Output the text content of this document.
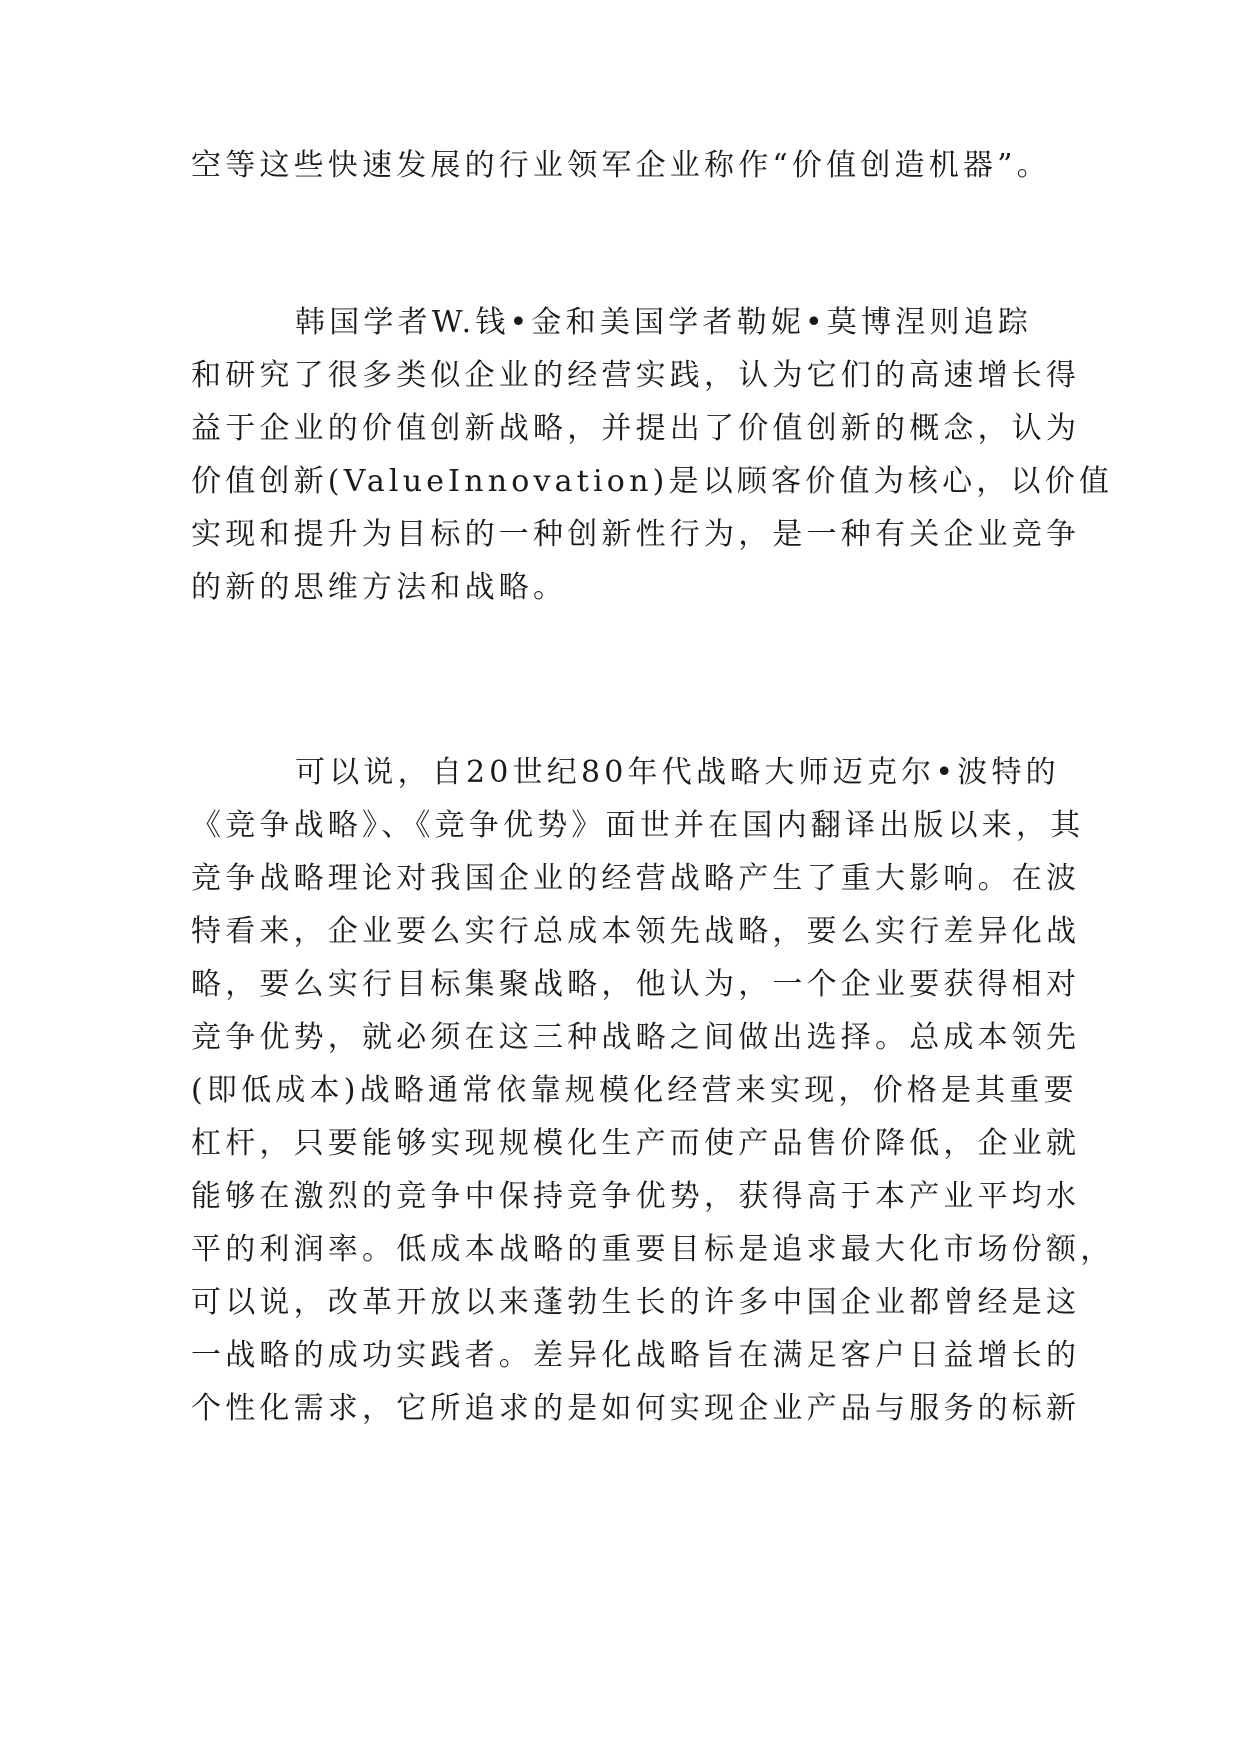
空等这些快速发展的行业领军企业称作“价值创造机器”。
韩国学者W.钱•金和美国学者勒妮•莫博涅则追踪
和研究了很多类似企业的经营实践，认为它们的高速增长得
益于企业的价值创新战略，并提出了价值创新的概念，认为
价值创新(ValueInnovation)是以顾客价值为核心，以价值
实现和提升为目标的一种创新性行为，是一种有关企业竞争
的新的思维方法和战略。
可以说，自20世纪80年代战略大师迈克尔•波特的
《竞争战略》、《竞争优势》面世并在国内翻译出版以来，其
竞争战略理论对我国企业的经营战略产生了重大影响。在波
特看来，企业要么实行总成本领先战略，要么实行差异化战
略，要么实行目标集聚战略，他认为，一个企业要获得相对
竞争优势，就必须在这三种战略之间做出选择。总成本领先
(即低成本)战略通常依靠规模化经营来实现，价格是其重要
杠杆，只要能够实现规模化生产而使产品售价降低，企业就
能够在激烈的竞争中保持竞争优势，获得高于本产业平均水
平的利润率。低成本战略的重要目标是追求最大化市场份额，
可以说，改革开放以来蓬勃生长的许多中国企业都曾经是这
一战略的成功实践者。差异化战略旨在满足客户日益增长的
个性化需求，它所追求的是如何实现企业产品与服务的标新
